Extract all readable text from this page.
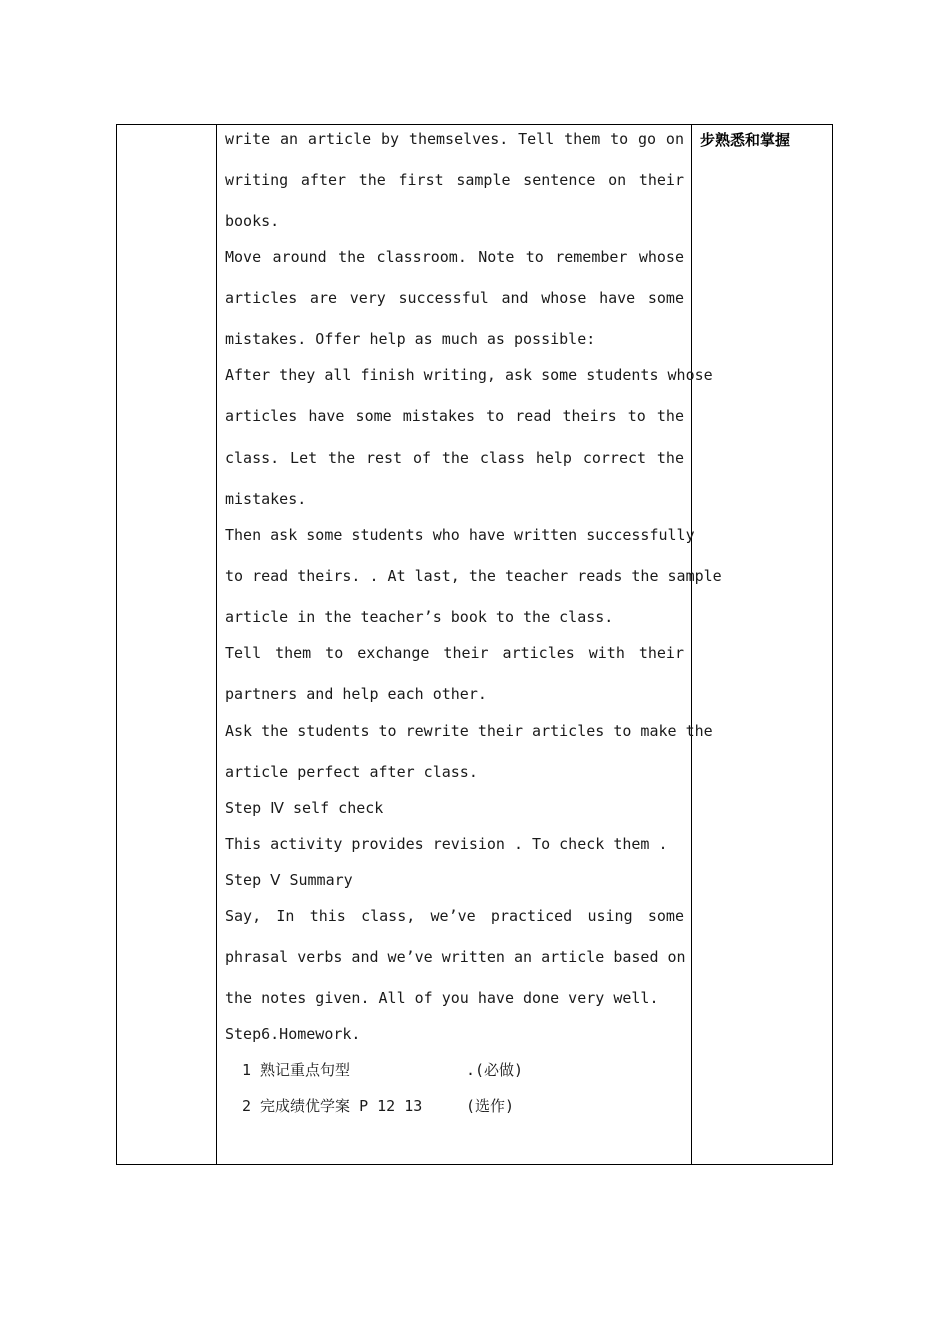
write an article by themselves. Tell them to go on
writing after the first sample sentence on their
books.
Move around the classroom. Note to remember whose
articles are very successful and whose have some
mistakes. Offer help as much as possible:
After they all finish writing, ask some students whose
articles have some mistakes to read theirs to the
class. Let the rest of the class help correct the
mistakes.
Then ask some students who have written successfully
to read theirs. . At last, the teacher reads the sample
article in the teacher’s book to the class.
Tell them to exchange their articles with their
partners and help each other.
Ask the students to rewrite their articles to make the
article perfect after class.
Step Ⅳ self check
This activity provides revision . To check them .
Step Ⅴ Summary
Say, In this class, we’ve practiced using some
phrasal verbs and we’ve written an article based on
the notes given. All of you have done very well.
Step6.Homework.
1 熟记重点句型	.(必做)
2 完成绩优学案 P 12 13	(选作)
步熟悉和掌握
